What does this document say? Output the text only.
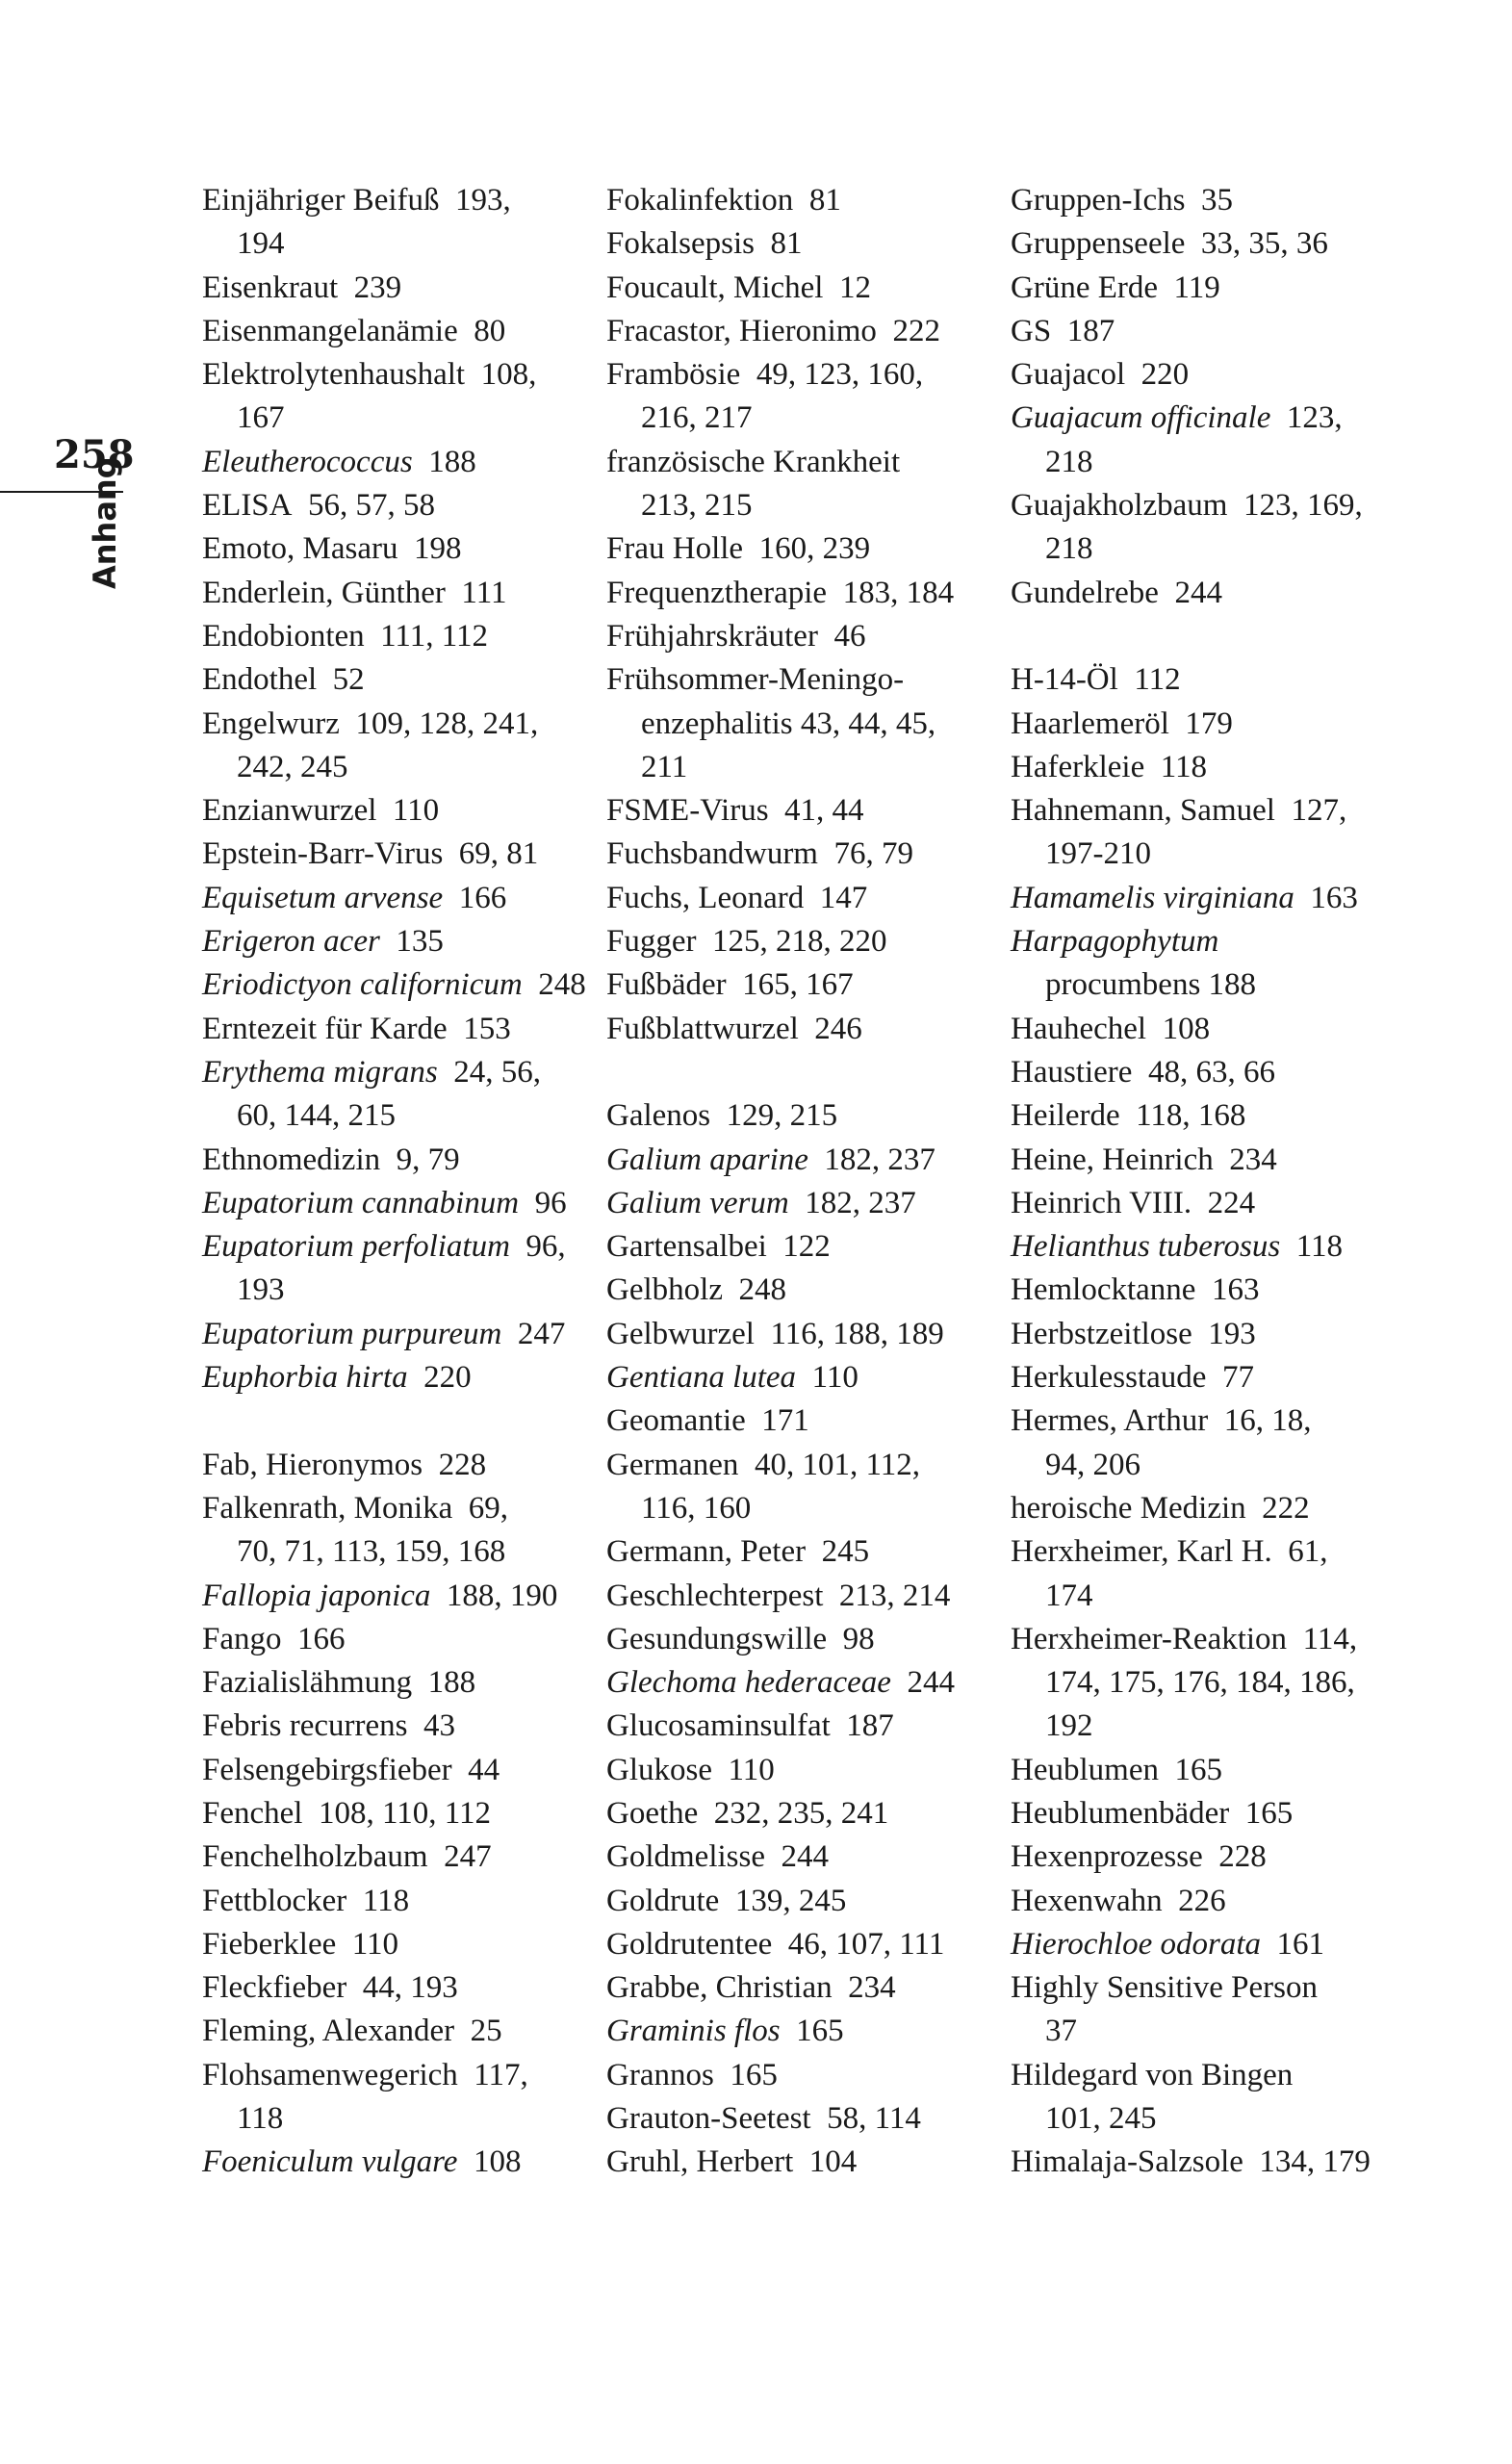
258
Anhang
Einjähriger Beifuß 193,
194
Eisenkraut 239
Eisenmangelanämie 80
Elektrolytenhaushalt 108,
167
Eleutherococcus 188
ELISA 56, 57, 58
Emoto, Masaru 198
Enderlein, Günther 111
Endobionten 111, 112
Endothel 52
Engelwurz 109, 128, 241,
242, 245
Enzianwurzel 110
Epstein-Barr-Virus 69, 81
Equisetum arvense 166
Erigeron acer 135
Eriodictyon californicum 248
Erntezeit für Karde 153
Erythema migrans 24, 56,
60, 144, 215
Ethnomedizin 9, 79
Eupatorium cannabinum 96
Eupatorium perfoliatum 96,
193
Eupatorium purpureum 247
Euphorbia hirta 220
Fab, Hieronymos 228
Falkenrath, Monika 69,
70, 71, 113, 159, 168
Fallopia japonica 188, 190
Fango 166
Fazialislähmung 188
Febris recurrens 43
Felsengebirgsfieber 44
Fenchel 108, 110, 112
Fenchelholzbaum 247
Fettblocker 118
Fieberklee 110
Fleckfieber 44, 193
Fleming, Alexander 25
Flohsamenwegerich 117,
118
Foeniculum vulgare 108
Fokalinfektion 81
Fokalsepsis 81
Foucault, Michel 12
Fracastor, Hieronimo 222
Frambösie 49, 123, 160,
216, 217
französische Krankheit
213, 215
Frau Holle 160, 239
Frequenztherapie 183, 184
Frühjahrskräuter 46
Frühsommer-Meningo-
enzephalitis 43, 44, 45,
211
FSME-Virus 41, 44
Fuchsbandwurm 76, 79
Fuchs, Leonard 147
Fugger 125, 218, 220
Fußbäder 165, 167
Fußblattwurzel 246
Galenos 129, 215
Galium aparine 182, 237
Galium verum 182, 237
Gartensalbei 122
Gelbholz 248
Gelbwurzel 116, 188, 189
Gentiana lutea 110
Geomantie 171
Germanen 40, 101, 112,
116, 160
Germann, Peter 245
Geschlechterpest 213, 214
Gesundungswille 98
Glechoma hederaceae 244
Glucosaminsulfat 187
Glukose 110
Goethe 232, 235, 241
Goldmelisse 244
Goldrute 139, 245
Goldrutentee 46, 107, 111
Grabbe, Christian 234
Graminis flos 165
Grannos 165
Grauton-Seetest 58, 114
Gruhl, Herbert 104
Gruppen-Ichs 35
Gruppenseele 33, 35, 36
Grüne Erde 119
GS 187
Guajacol 220
Guajacum officinale 123,
218
Guajakholzbaum 123, 169,
218
Gundelrebe 244
H-14-Öl 112
Haarlemeröl 179
Haferkleie 118
Hahnemann, Samuel 127,
197-210
Hamamelis virginiana 163
Harpagophytum
procumbens 188
Hauhechel 108
Haustiere 48, 63, 66
Heilerde 118, 168
Heine, Heinrich 234
Heinrich VIII. 224
Helianthus tuberosus 118
Hemlocktanne 163
Herbstzeitlose 193
Herkulesstaude 77
Hermes, Arthur 16, 18,
94, 206
heroische Medizin 222
Herxheimer, Karl H. 61,
174
Herxheimer-Reaktion 114,
174, 175, 176, 184, 186,
192
Heublumen 165
Heublumenbäder 165
Hexenprozesse 228
Hexenwahn 226
Hierochloe odorata 161
Highly Sensitive Person
37
Hildegard von Bingen
101, 245
Himalaja-Salzsole 134, 179
